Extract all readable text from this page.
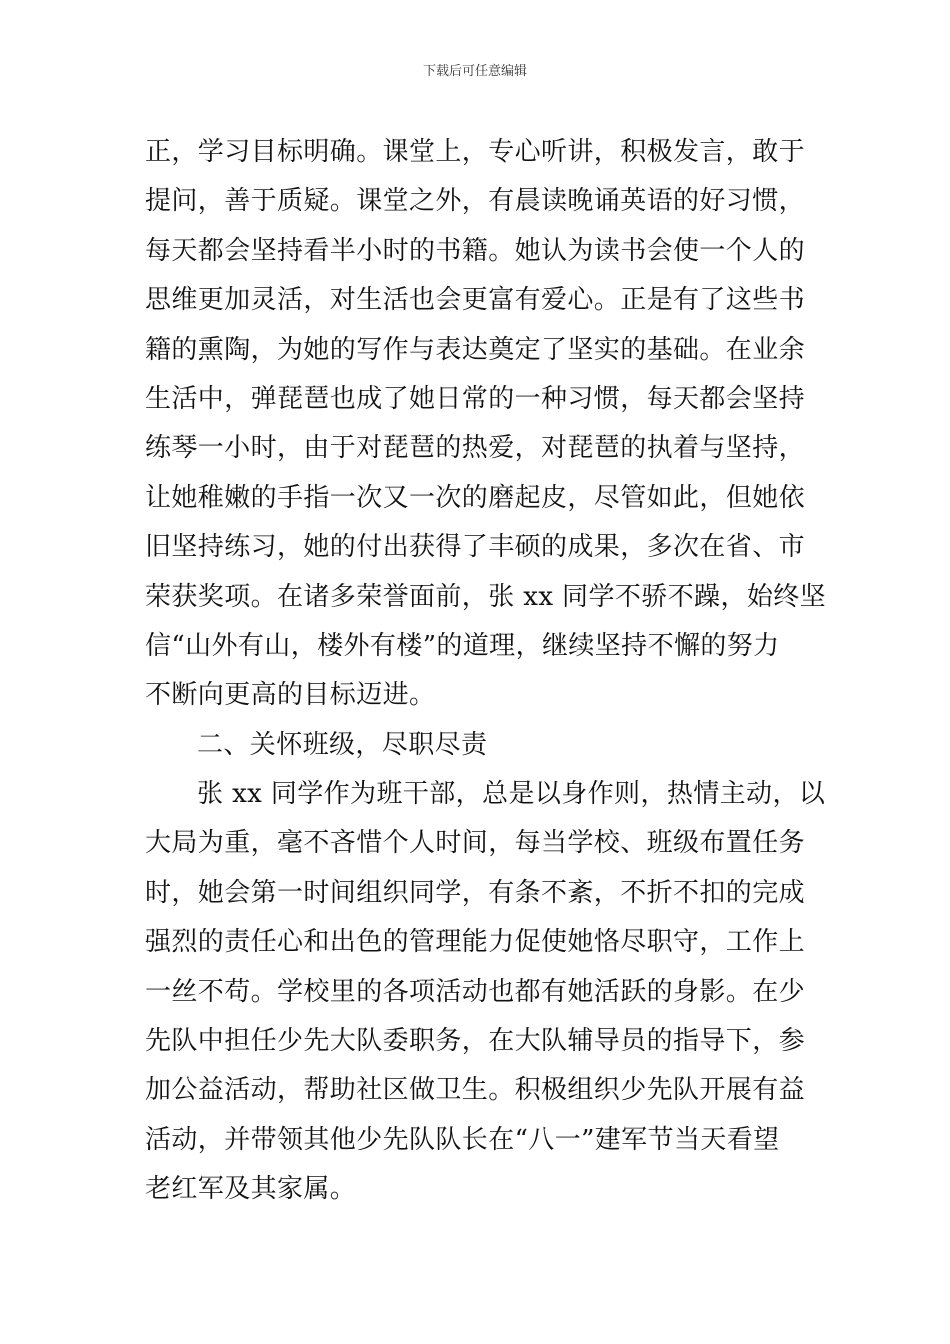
下载后可任意编辑
正，学习目标明确。课堂上，专心听讲，积极发言，敢于
提问，善于质疑。课堂之外，有晨读晚诵英语的好习惯，
每天都会坚持看半小时的书籍。她认为读书会使一个人的
思维更加灵活，对生活也会更富有爱心。正是有了这些书
籍的熏陶，为她的写作与表达奠定了坚实的基础。在业余
生活中，弹琵琶也成了她日常的一种习惯，每天都会坚持
练琴一小时，由于对琵琶的热爱，对琵琶的执着与坚持，
让她稚嫩的手指一次又一次的磨起皮，尽管如此，但她依
旧坚持练习，她的付出获得了丰硕的成果，多次在省、市
荣获奖项。在诸多荣誉面前，张 xx 同学不骄不躁，始终坚
信“山外有山，楼外有楼”的道理，继续坚持不懈的努力
不断向更高的目标迈进。
二、关怀班级，尽职尽责
张 xx 同学作为班干部，总是以身作则，热情主动，以
大局为重，毫不吝惜个人时间，每当学校、班级布置任务
时，她会第一时间组织同学，有条不紊，不折不扣的完成
强烈的责任心和出色的管理能力促使她恪尽职守，工作上
一丝不苟。学校里的各项活动也都有她活跃的身影。在少
先队中担任少先大队委职务，在大队辅导员的指导下，参
加公益活动，帮助社区做卫生。积极组织少先队开展有益
活动，并带领其他少先队队长在“八一”建军节当天看望
老红军及其家属。
